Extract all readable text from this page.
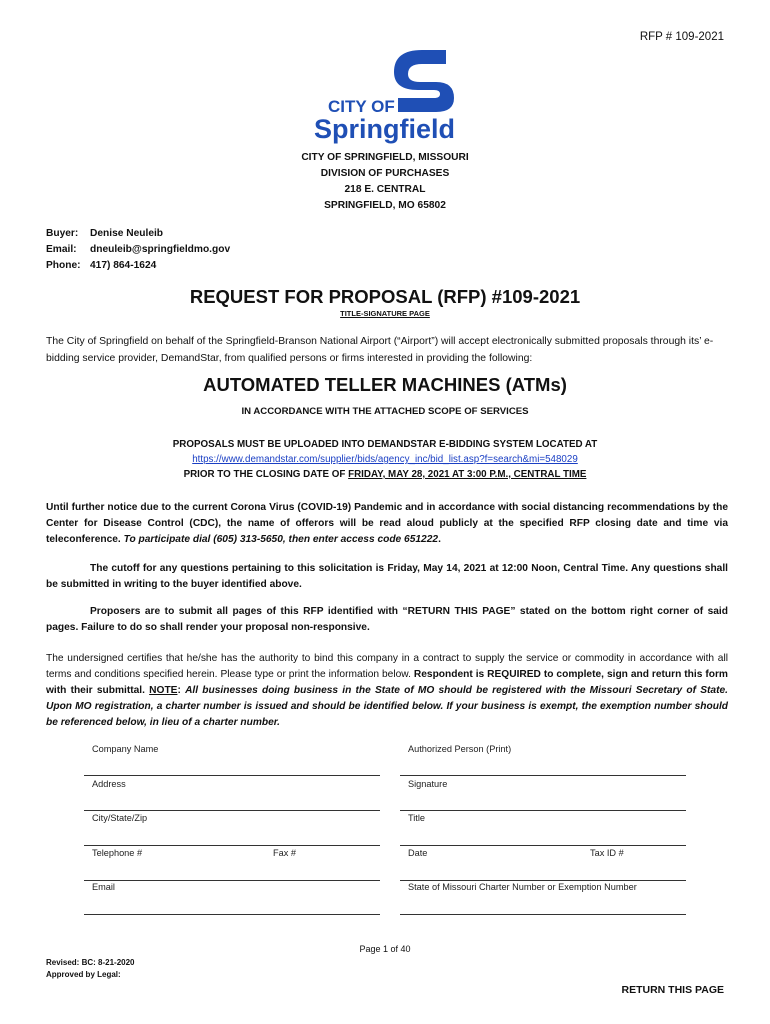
RFP # 109-2021
CITY OF
Springfield
CITY OF SPRINGFIELD, MISSOURI
DIVISION OF PURCHASES
218 E. CENTRAL
SPRINGFIELD, MO 65802
Buyer:	Denise Neuleib
Email:	dneuleib@springfieldmo.gov
Phone: 417) 864-1624
REQUEST FOR PROPOSAL (RFP) #109-2021
TITLE-SIGNATURE PAGE
The City of Springfield on behalf of the Springfield-Branson National Airport (“Airport”) will accept electronically submitted proposals through its’ e-bidding service provider, DemandStar, from qualified persons or firms interested in providing the following:
AUTOMATED TELLER MACHINES (ATMs)
IN ACCORDANCE WITH THE ATTACHED SCOPE OF SERVICES
PROPOSALS MUST BE UPLOADED INTO DEMANDSTAR E-BIDDING SYSTEM LOCATED AT
https://www.demandstar.com/supplier/bids/agency_inc/bid_list.asp?f=search&mi=548029
PRIOR TO THE CLOSING DATE OF FRIDAY, MAY 28, 2021 AT 3:00 P.M., CENTRAL TIME
Until further notice due to the current Corona Virus (COVID-19) Pandemic and in accordance with social distancing recommendations by the Center for Disease Control (CDC), the name of offerors will be read aloud publicly at the specified RFP closing date and time via teleconference. To participate dial (605) 313-5650, then enter access code 651222.
The cutoff for any questions pertaining to this solicitation is Friday, May 14, 2021 at 12:00 Noon, Central Time. Any questions shall be submitted in writing to the buyer identified above.
Proposers are to submit all pages of this RFP identified with “RETURN THIS PAGE” stated on the bottom right corner of said pages. Failure to do so shall render your proposal non-responsive.
The undersigned certifies that he/she has the authority to bind this company in a contract to supply the service or commodity in accordance with all terms and conditions specified herein. Please type or print the information below. Respondent is REQUIRED to complete, sign and return this form with their submittal. NOTE: All businesses doing business in the State of MO should be registered with the Missouri Secretary of State. Upon MO registration, a charter number is issued and should be identified below. If your business is exempt, the exemption number should be referenced below, in lieu of a charter number.
Company Name	Authorized Person (Print)
Address	Signature
City/State/Zip	Title
Telephone #	Fax #	Date	Tax ID #
Email	State of Missouri Charter Number or Exemption Number
Page 1 of 40
Revised: BC: 8-21-2020
Approved by Legal:
RETURN THIS PAGE
